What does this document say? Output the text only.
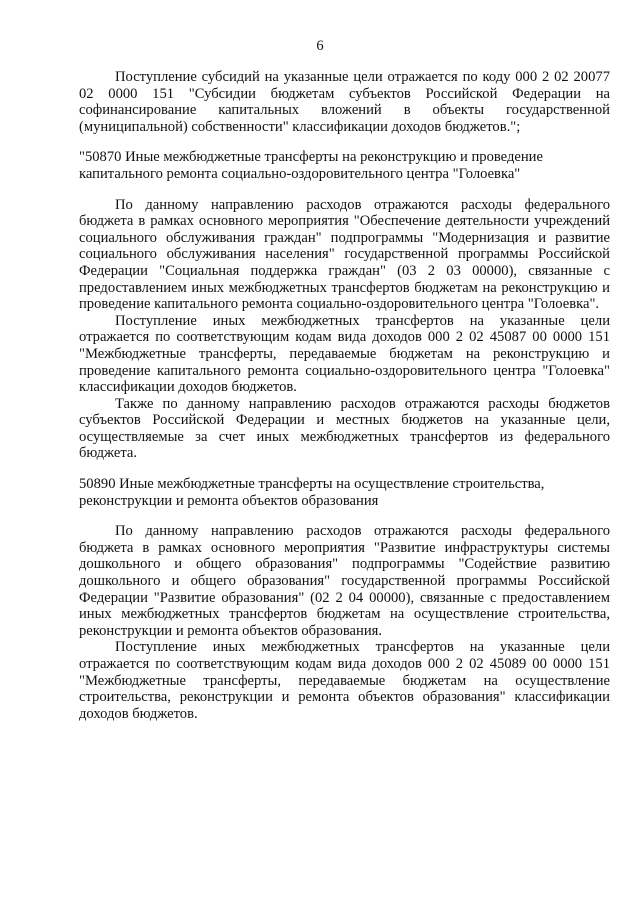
6

Поступление субсидий на указанные цели отражается по коду 000 2 02 20077 02 0000 151 "Субсидии бюджетам субъектов Российской Федерации на софинансирование капитальных вложений в объекты государственной (муниципальной) собственности" классификации доходов бюджетов.";

"50870 Иные межбюджетные трансферты на реконструкцию и проведение капитального ремонта социально-оздоровительного центра "Голоевка"

По данному направлению расходов отражаются расходы федерального бюджета в рамках основного мероприятия "Обеспечение деятельности учреждений социального обслуживания граждан" подпрограммы "Модернизация и развитие социального обслуживания населения" государственной программы Российской Федерации "Социальная поддержка граждан" (03 2 03 00000), связанные с предоставлением иных межбюджетных трансфертов бюджетам на реконструкцию и проведение капитального ремонта социально-оздоровительного центра "Голоевка".

Поступление иных межбюджетных трансфертов на указанные цели отражается по соответствующим кодам вида доходов 000 2 02 45087 00 0000 151 "Межбюджетные трансферты, передаваемые бюджетам на реконструкцию и проведение капитального ремонта социально-оздоровительного центра "Голоевка" классификации доходов бюджетов.

Также по данному направлению расходов отражаются расходы бюджетов субъектов Российской Федерации и местных бюджетов на указанные цели, осуществляемые за счет иных межбюджетных трансфертов из федерального бюджета.

50890 Иные межбюджетные трансферты на осуществление строительства, реконструкции и ремонта объектов образования

По данному направлению расходов отражаются расходы федерального бюджета в рамках основного мероприятия "Развитие инфраструктуры системы дошкольного и общего образования" подпрограммы "Содействие развитию дошкольного и общего образования" государственной программы Российской Федерации "Развитие образования" (02 2 04 00000), связанные с предоставлением иных межбюджетных трансфертов бюджетам на осуществление строительства, реконструкции и ремонта объектов образования.

Поступление иных межбюджетных трансфертов на указанные цели отражается по соответствующим кодам вида доходов 000 2 02 45089 00 0000 151 "Межбюджетные трансферты, передаваемые бюджетам на осуществление строительства, реконструкции и ремонта объектов образования" классификации доходов бюджетов.
